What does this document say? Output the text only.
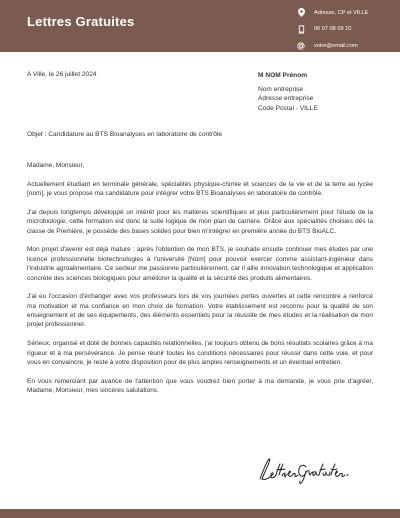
Lettres Gratuites
Adresse, CP et VILLE
06 07 08 09 10
votre@email.com
A Ville, le 26 juillet 2024	M NOM Prénom
Nom entreprise
Adresse entreprise
Code Postal - VILLE
Objet : Candidature au BTS Bioanalyses en laboratoire de contrôle

Madame, Monsieur,

Actuellement étudiant en terminale générale, spécialités physique-chimie et sciences de la vie et de la terre au lycée [nom], je vous propose ma candidature pour intégrer votre BTS Bioanalyses en laboratoire de contrôle.

J'ai depuis longtemps développé un intérêt pour les matières scientifiques et plus particulièrement pour l'étude de la microbiologie, cette formation est donc la suite logique de mon plan de carrière. Grâce aux spécialités choisies dès la classe de Première, je possède des bases solides pour bien m'intégrer en première année du BTS BioALC.

Mon projet d'avenir est déjà mature : après l'obtention de mon BTS, je souhaite ensuite continuer mes études par une licence professionnelle biotechnologies à l'université [Nom] pour pouvoir exercer comme assistant-ingénieur dans l'industrie agroalimentaire. Ce secteur me passionne particulièrement, car il allie innovation technologique et application concrète des sciences biologiques pour améliorer la qualité et la sécurité des produits alimentaires.

J'ai eu l'occasion d'échanger avec vos professeurs lors de vos journées portes ouvertes et cette rencontre a renforcé ma motivation et ma confiance en mon choix de formation. Votre établissement est reconnu pour la qualité de son enseignement et de ses équipements, des éléments essentiels pour la réussite de mes études et la réalisation de mon projet professionnel.

Sérieux, organisé et doté de bonnes capacités relationnelles, j'ai toujours obtenu de bons résultats scolaires grâce à ma rigueur et à ma persévérance. Je pense réunir toutes les conditions nécessaires pour réussir dans cette voie, et pour vous en convaincre, je reste à votre disposition pour de plus amples renseignements et un éventuel entretien.

En vous remerciant par avance de l'attention que vous voudrez bien porter à ma demande, je vous prie d'agréer, Madame, Monsieur, mes sincères salutations.
